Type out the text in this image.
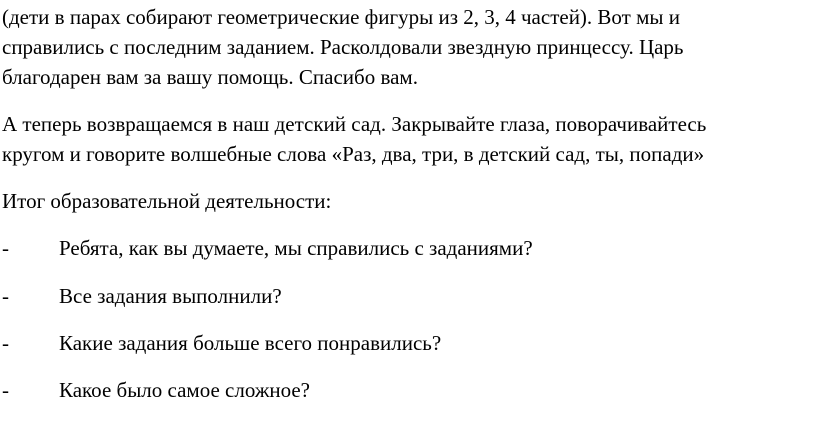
(дети в парах собирают геометрические фигуры из 2, 3, 4 частей). Вот мы и
справились с последним заданием. Расколдовали звездную принцессу. Царь
благодарен вам за вашу помощь. Спасибо вам.
А теперь возвращаемся в наш детский сад. Закрывайте глаза, поворачивайтесь
кругом и говорите волшебные слова «Раз, два, три, в детский сад, ты, попади»
Итог образовательной деятельности:
- Ребята, как вы думаете, мы справились с заданиями?
- Все задания выполнили?
- Какие задания больше всего понравились?
- Какое было самое сложное?
